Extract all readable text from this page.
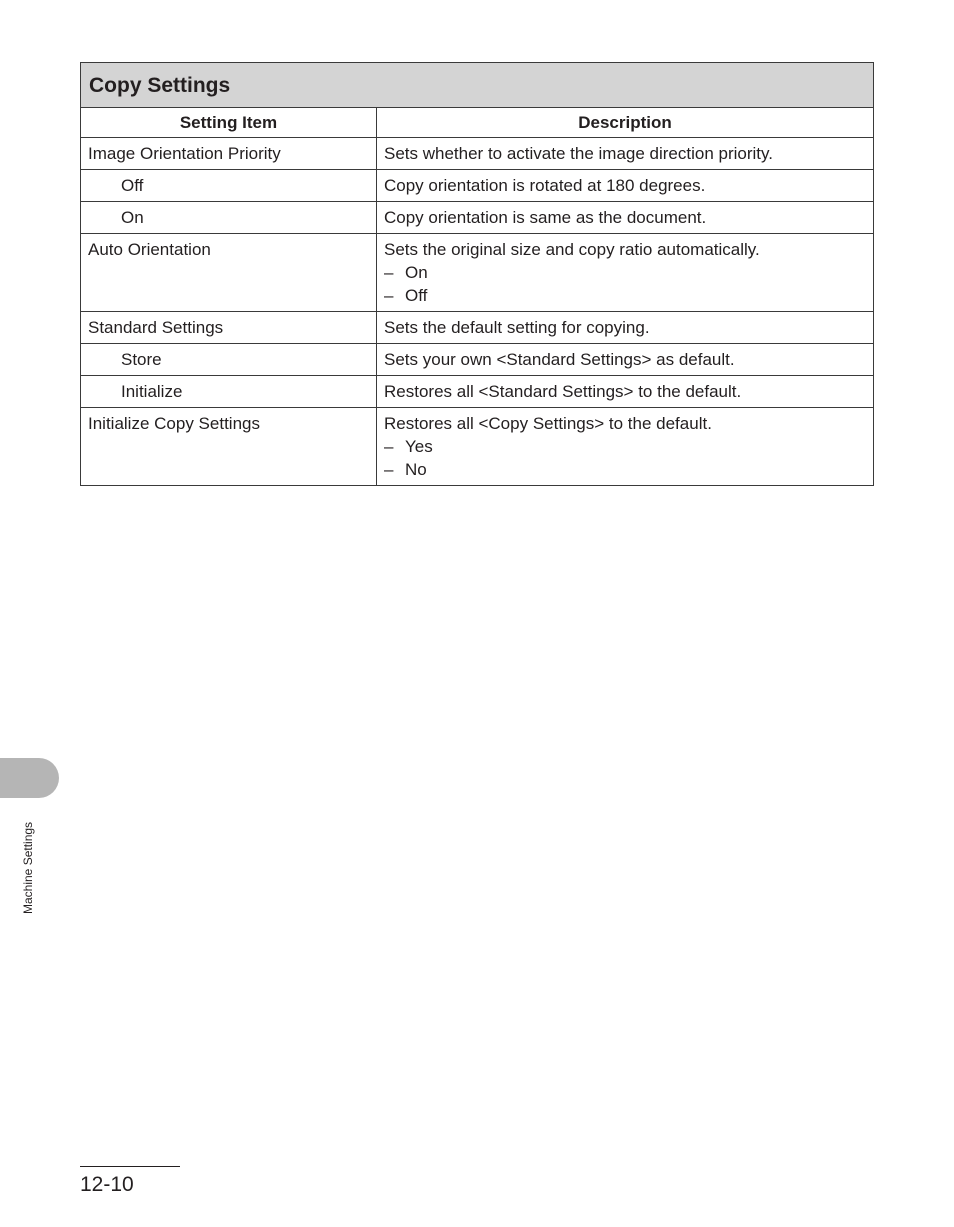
Copy Settings	
Setting Item	Description
Image Orientation Priority	Sets whether to activate the image direction priority.
Off	Copy orientation is rotated at 180 degrees.
On	Copy orientation is same as the document.
Auto Orientation	Sets the original size and copy ratio automatically.
– On
– Off

Standard Settings	Sets the default setting for copying.
Store	Sets your own <Standard Settings> as default.
Initialize	Restores all <Standard Settings> to the default.
Initialize Copy Settings	Restores all <Copy Settings> to the default.
– Yes
– No
Machine Settings
12-10
